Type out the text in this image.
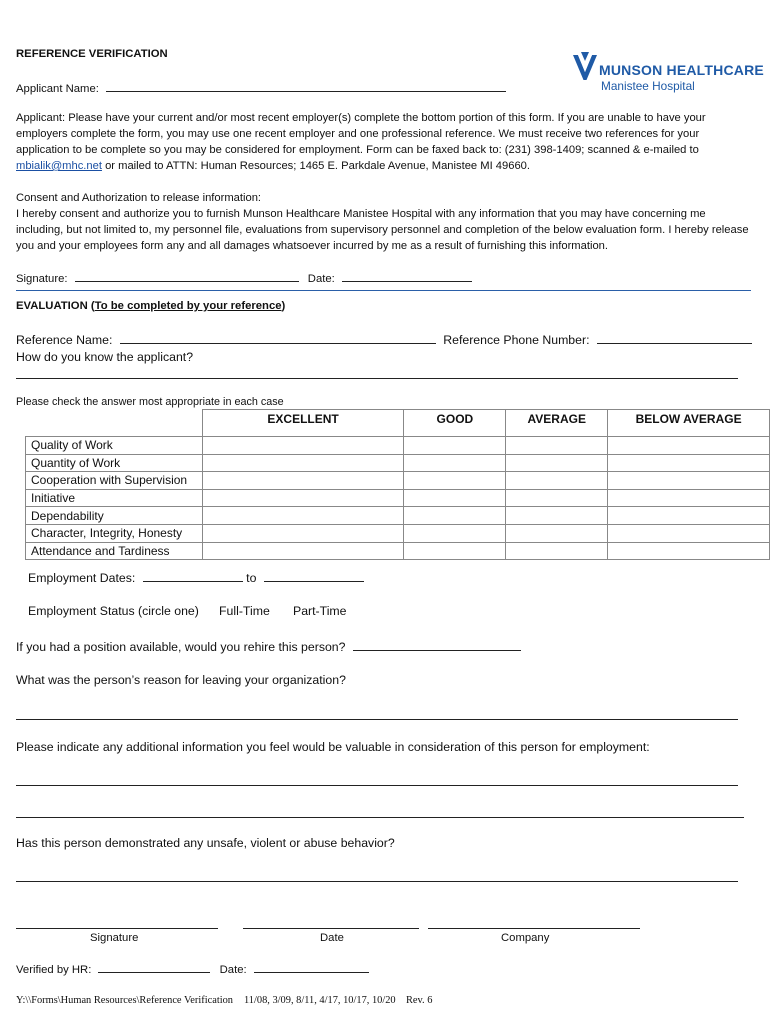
REFERENCE VERIFICATION
Applicant Name:
MUNSON HEALTHCARE
Manistee Hospital
Applicant: Please have your current and/or most recent employer(s) complete the bottom portion of this form. If you are unable to have your employers complete the form, you may use one recent employer and one professional reference. We must receive two references for your application to be complete so you may be considered for employment. Form can be faxed back to: (231) 398-1409; scanned & e-mailed to mbialik@mhc.net or mailed to ATTN: Human Resources; 1465 E. Parkdale Avenue, Manistee MI 49660.
Consent and Authorization to release information:
I hereby consent and authorize you to furnish Munson Healthcare Manistee Hospital with any information that you may have concerning me including, but not limited to, my personnel file, evaluations from supervisory personnel and completion of the below evaluation form. I hereby release you and your employees form any and all damages whatsoever incurred by me as a result of furnishing this information.
Signature:	Date:
EVALUATION (To be completed by your reference)
Reference Name:	Reference Phone Number:
How do you know the applicant?
Please check the answer most appropriate in each case
	EXCELLENT	GOOD	AVERAGE	BELOW AVERAGE
Quality of Work				
Quantity of Work				
Cooperation with Supervision				
Initiative				
Dependability				
Character, Integrity, Honesty				
Attendance and Tardiness				
Employment Dates:	to
Employment Status (circle one) Full-Time Part-Time
If you had a position available, would you rehire this person?
What was the person’s reason for leaving your organization?
Please indicate any additional information you feel would be valuable in consideration of this person for employment:
Has this person demonstrated any unsafe, violent or abuse behavior?
Signature	Date	Company
Verified by HR:	Date:
Y:\\Forms\Human Resources\Reference Verification 11/08, 3/09, 8/11, 4/17, 10/17, 10/20 Rev. 6
